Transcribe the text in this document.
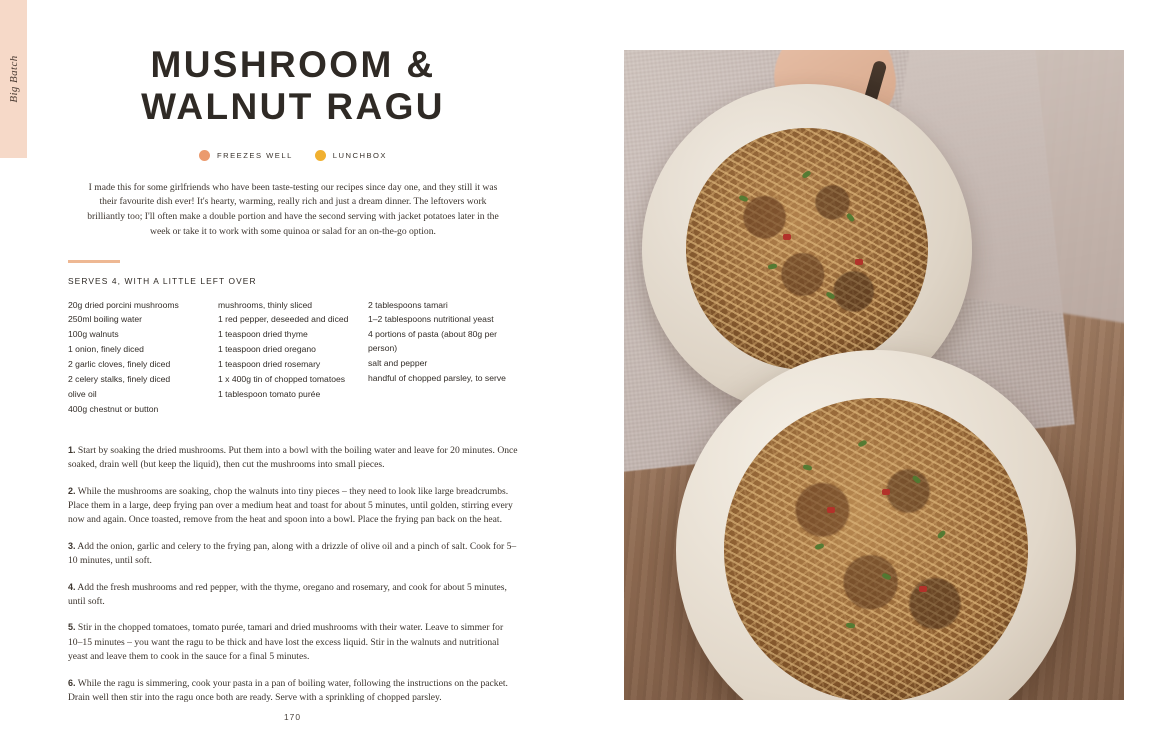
Big Batch	MUSHROOM &
WALNUT RAGU
FREEZES WELL	LUNCHBOX

I made this for some girlfriends who have been taste-testing our recipes since day one, and they still it was their favourite dish ever! It's hearty, warming, really rich and just a dream dinner. The leftovers work brilliantly too; I'll often make a double portion and have the second serving with jacket potatoes later in the week or take it to work with some quinoa or salad for an on-the-go option.

SERVES 4, WITH A LITTLE LEFT OVER
20g dried porcini mushrooms
250ml boiling water
100g walnuts
1 onion, finely diced
2 garlic cloves, finely diced
2 celery stalks, finely diced
olive oil
400g chestnut or button
mushrooms, thinly sliced
1 red pepper, deseeded and diced
1 teaspoon dried thyme
1 teaspoon dried oregano
1 teaspoon dried rosemary
1 x 400g tin of chopped tomatoes
1 tablespoon tomato purée
2 tablespoons tamari
1–2 tablespoons nutritional yeast
4 portions of pasta (about 80g per person)
salt and pepper
handful of chopped parsley, to serve

1. Start by soaking the dried mushrooms. Put them into a bowl with the boiling water and leave for 20 minutes. Once soaked, drain well (but keep the liquid), then cut the mushrooms into small pieces.

2. While the mushrooms are soaking, chop the walnuts into tiny pieces – they need to look like large breadcrumbs. Place them in a large, deep frying pan over a medium heat and toast for about 5 minutes, until golden, stirring every now and again. Once toasted, remove from the heat and spoon into a bowl. Place the frying pan back on the heat.

3. Add the onion, garlic and celery to the frying pan, along with a drizzle of olive oil and a pinch of salt. Cook for 5–10 minutes, until soft.

4. Add the fresh mushrooms and red pepper, with the thyme, oregano and rosemary, and cook for about 5 minutes, until soft.

5. Stir in the chopped tomatoes, tomato purée, tamari and dried mushrooms with their water. Leave to simmer for 10–15 minutes – you want the ragu to be thick and have lost the excess liquid. Stir in the walnuts and nutritional yeast and leave them to cook in the sauce for a final 5 minutes.

6. While the ragu is simmering, cook your pasta in a pan of boiling water, following the instructions on the packet. Drain well then stir into the ragu once both are ready. Serve with a sprinkling of chopped parsley.

170
